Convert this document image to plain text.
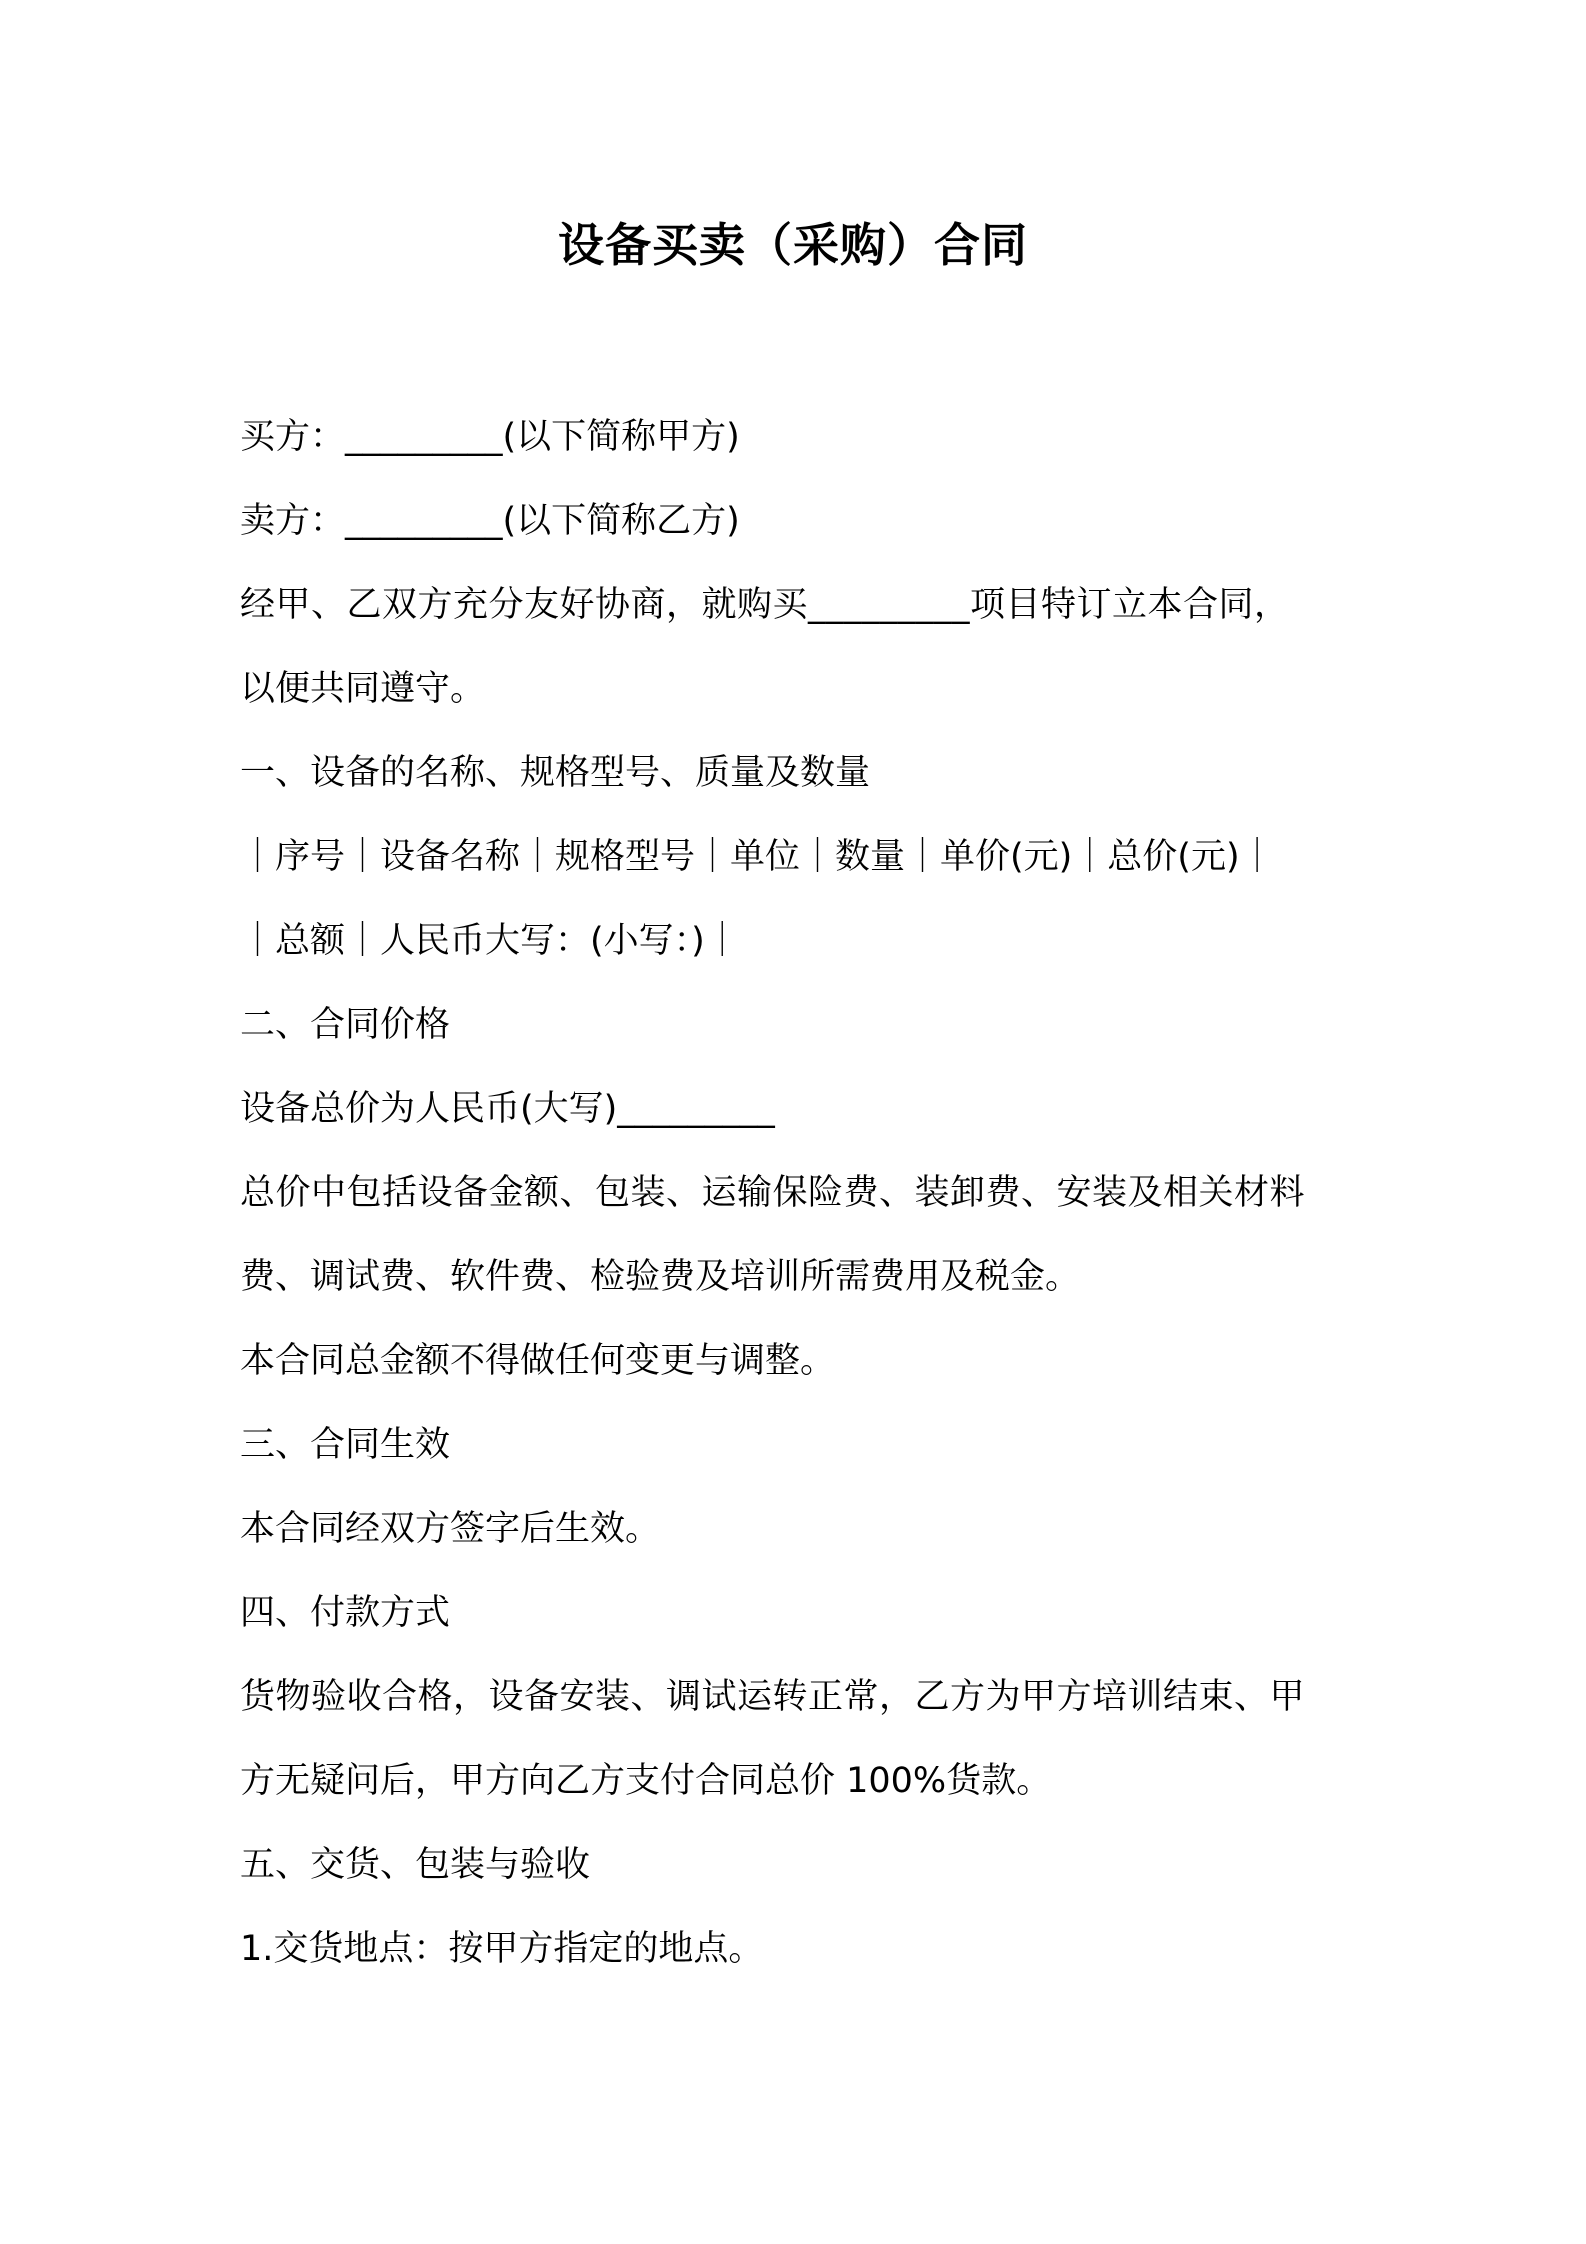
设备买卖（采购）合同
买方：_________(以下简称甲方)
卖方：_________(以下简称乙方)
经甲、乙双方充分友好协商，就购买_________项目特订立本合同，
以便共同遵守。
一、设备的名称、规格型号、质量及数量
｜序号｜设备名称｜规格型号｜单位｜数量｜单价(元)｜总价(元)｜
｜总额｜人民币大写：(小写：)｜
二、合同价格
设备总价为人民币(大写)_________
总价中包括设备金额、包装、运输保险费、装卸费、安装及相关材料
费、调试费、软件费、检验费及培训所需费用及税金。
本合同总金额不得做任何变更与调整。
三、合同生效
本合同经双方签字后生效。
四、付款方式
货物验收合格，设备安装、调试运转正常，乙方为甲方培训结束、甲
方无疑问后，甲方向乙方支付合同总价 100%货款。
五、交货、包装与验收
1.交货地点：按甲方指定的地点。
